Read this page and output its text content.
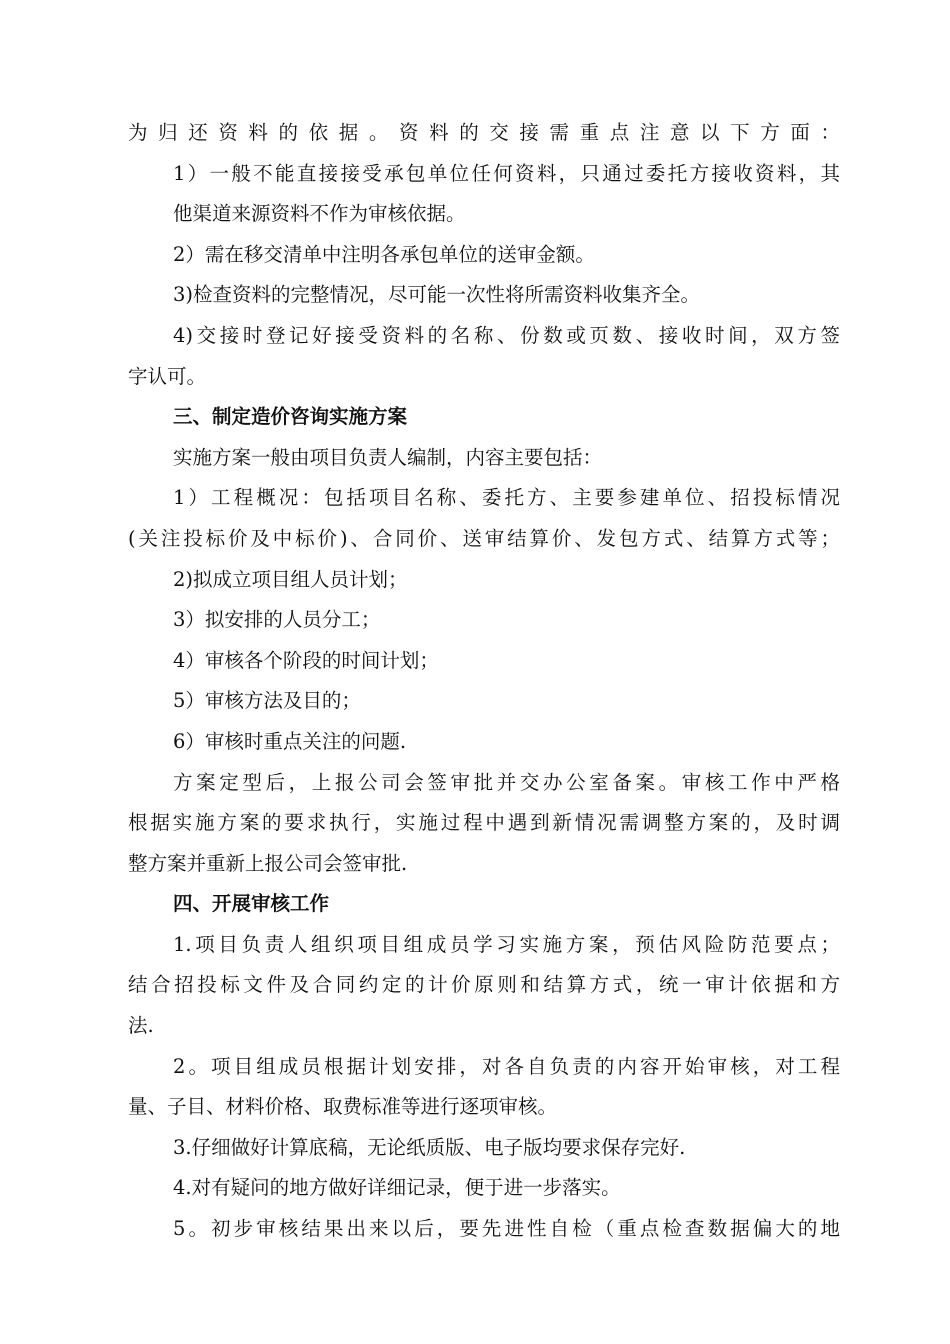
为归还资料的依据。资料的交接需重点注意以下方面：
1）一般不能直接接受承包单位任何资料，只通过委托方接收资料，其
他渠道来源资料不作为审核依据。
2）需在移交清单中注明各承包单位的送审金额。
3)检查资料的完整情况，尽可能一次性将所需资料收集齐全。
4)交接时登记好接受资料的名称、份数或页数、接收时间，双方签
字认可。
三、制定造价咨询实施方案
实施方案一般由项目负责人编制，内容主要包括：
1）工程概况：包括项目名称、委托方、主要参建单位、招投标情况
(关注投标价及中标价)、合同价、送审结算价、发包方式、结算方式等；
2)拟成立项目组人员计划；
3）拟安排的人员分工；
4）审核各个阶段的时间计划；
5）审核方法及目的；
6）审核时重点关注的问题.
方案定型后，上报公司会签审批并交办公室备案。审核工作中严格
根据实施方案的要求执行，实施过程中遇到新情况需调整方案的，及时调
整方案并重新上报公司会签审批.
四、开展审核工作
1.项目负责人组织项目组成员学习实施方案，预估风险防范要点；
结合招投标文件及合同约定的计价原则和结算方式，统一审计依据和方
法.
2。项目组成员根据计划安排，对各自负责的内容开始审核，对工程
量、子目、材料价格、取费标准等进行逐项审核。
3.仔细做好计算底稿，无论纸质版、电子版均要求保存完好.
4.对有疑问的地方做好详细记录，便于进一步落实。
5。初步审核结果出来以后，要先进性自检（重点检查数据偏大的地
